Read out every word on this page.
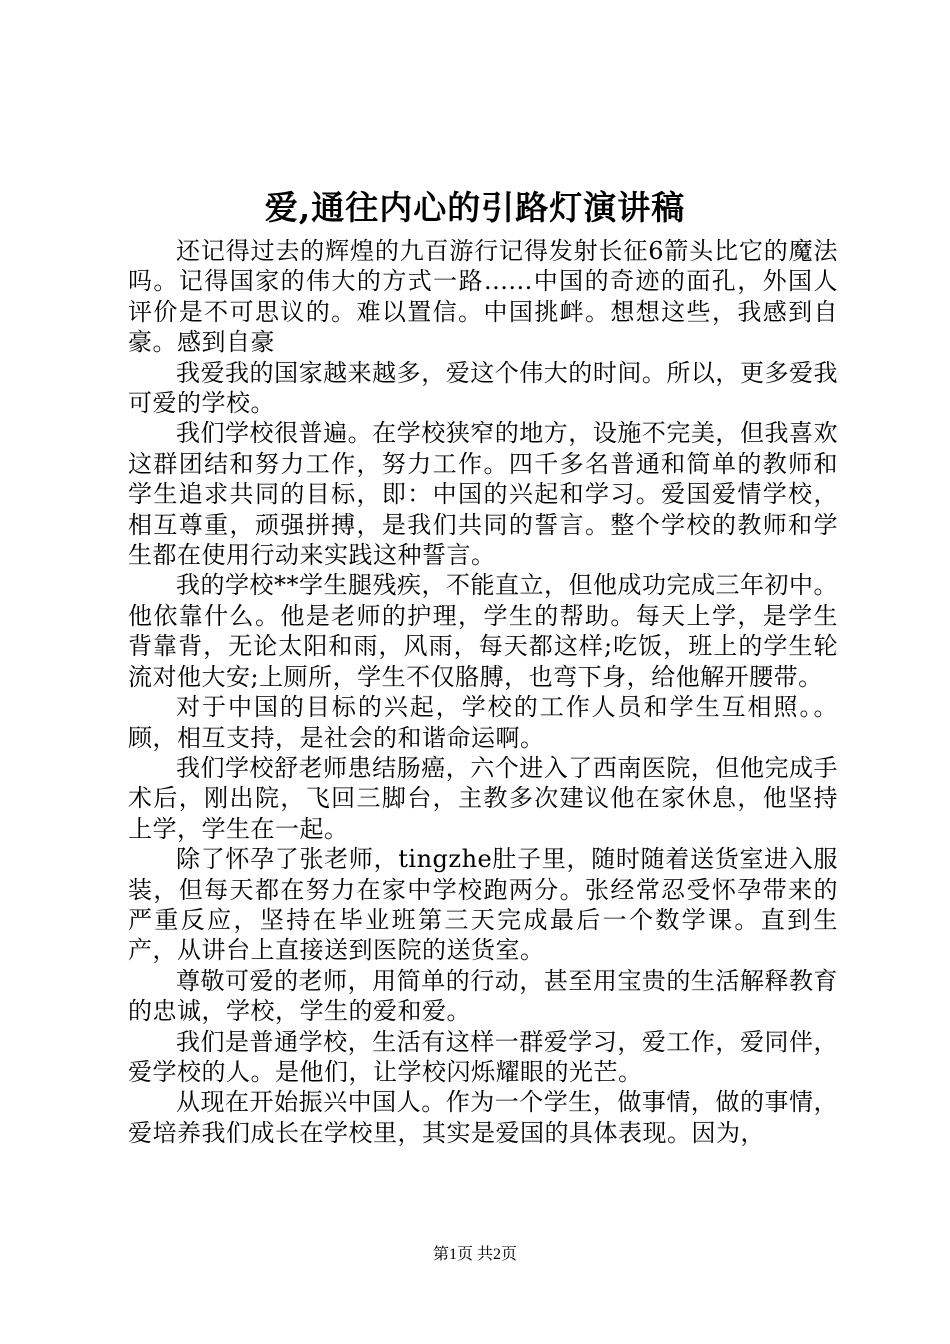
爱,通往内心的引路灯演讲稿

还记得过去的辉煌的九百游行记得发射长征6箭头比它的魔法吗。记得国家的伟大的方式一路......中国的奇迹的面孔，外国人评价是不可思议的。难以置信。中国挑衅。想想这些，我感到自豪。感到自豪

我爱我的国家越来越多，爱这个伟大的时间。所以，更多爱我可爱的学校。

我们学校很普遍。在学校狭窄的地方，设施不完美，但我喜欢这群团结和努力工作，努力工作。四千多名普通和简单的教师和学生追求共同的目标，即：中国的兴起和学习。爱国爱情学校，相互尊重，顽强拼搏，是我们共同的誓言。整个学校的教师和学生都在使用行动来实践这种誓言。

我的学校**学生腿残疾，不能直立，但他成功完成三年初中。他依靠什么。他是老师的护理，学生的帮助。每天上学，是学生背靠背，无论太阳和雨，风雨，每天都这样;吃饭，班上的学生轮流对他大安;上厕所，学生不仅胳膊，也弯下身，给他解开腰带。

对于中国的目标的兴起，学校的工作人员和学生互相照。。顾，相互支持，是社会的和谐命运啊。

我们学校舒老师患结肠癌，六个进入了西南医院，但他完成手术后，刚出院，飞回三脚台，主教多次建议他在家休息，他坚持上学，学生在一起。

除了怀孕了张老师，tingzhe肚子里，随时随着送货室进入服装，但每天都在努力在家中学校跑两分。张经常忍受怀孕带来的严重反应，坚持在毕业班第三天完成最后一个数学课。直到生产，从讲台上直接送到医院的送货室。

尊敬可爱的老师，用简单的行动，甚至用宝贵的生活解释教育的忠诚，学校，学生的爱和爱。

我们是普通学校，生活有这样一群爱学习，爱工作，爱同伴，爱学校的人。是他们，让学校闪烁耀眼的光芒。

从现在开始振兴中国人。作为一个学生，做事情，做的事情，爱培养我们成长在学校里，其实是爱国的具体表现。因为，

第1页 共2页
